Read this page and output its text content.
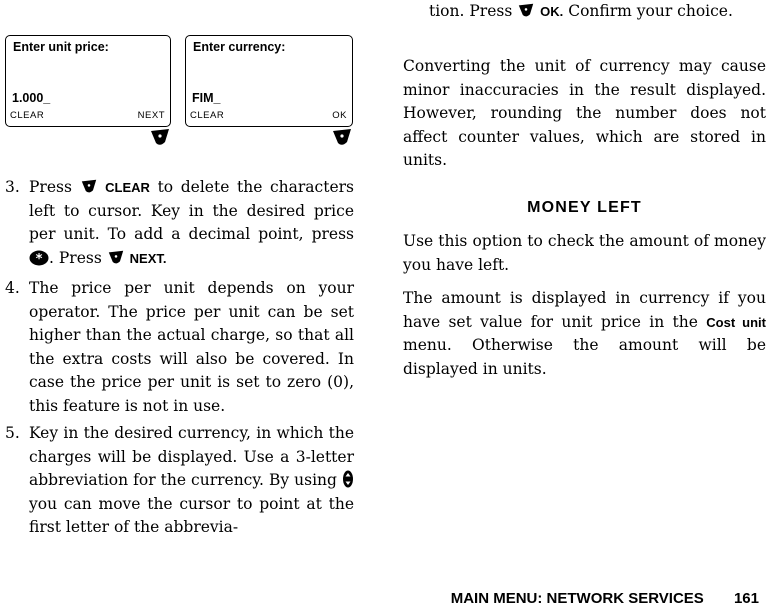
Enter unit price:
1.000_
CLEAR	NEXT
Enter currency:
FIM_
CLEAR	OK
3. Press	CLEAR to delete the characters left to cursor. Key in the desired price per unit. To add a decimal point, press
* . Press NEXT.
4. The price per unit depends on your operator. The price per unit can be set higher than the actual charge, so that all the extra costs will also be covered. In case the price per unit is set to zero (0), this feature is not in use.
5. Key in the desired currency, in which the charges will be displayed. Use a 3-letter abbreviation for the currency. By using  you can move the cursor to point at the first letter of the abbrevia-
tion. Press OK. Confirm your choice.

Converting the unit of currency may cause minor inaccuracies in the result displayed. However, rounding the number does not affect counter values, which are stored in units.

MONEY LEFT

Use this option to check the amount of money you have left.

The amount is displayed in currency if you have set value for unit price in the Cost unit menu. Otherwise the amount will be displayed in units.

MAIN MENU: NETWORK SERVICES 161
